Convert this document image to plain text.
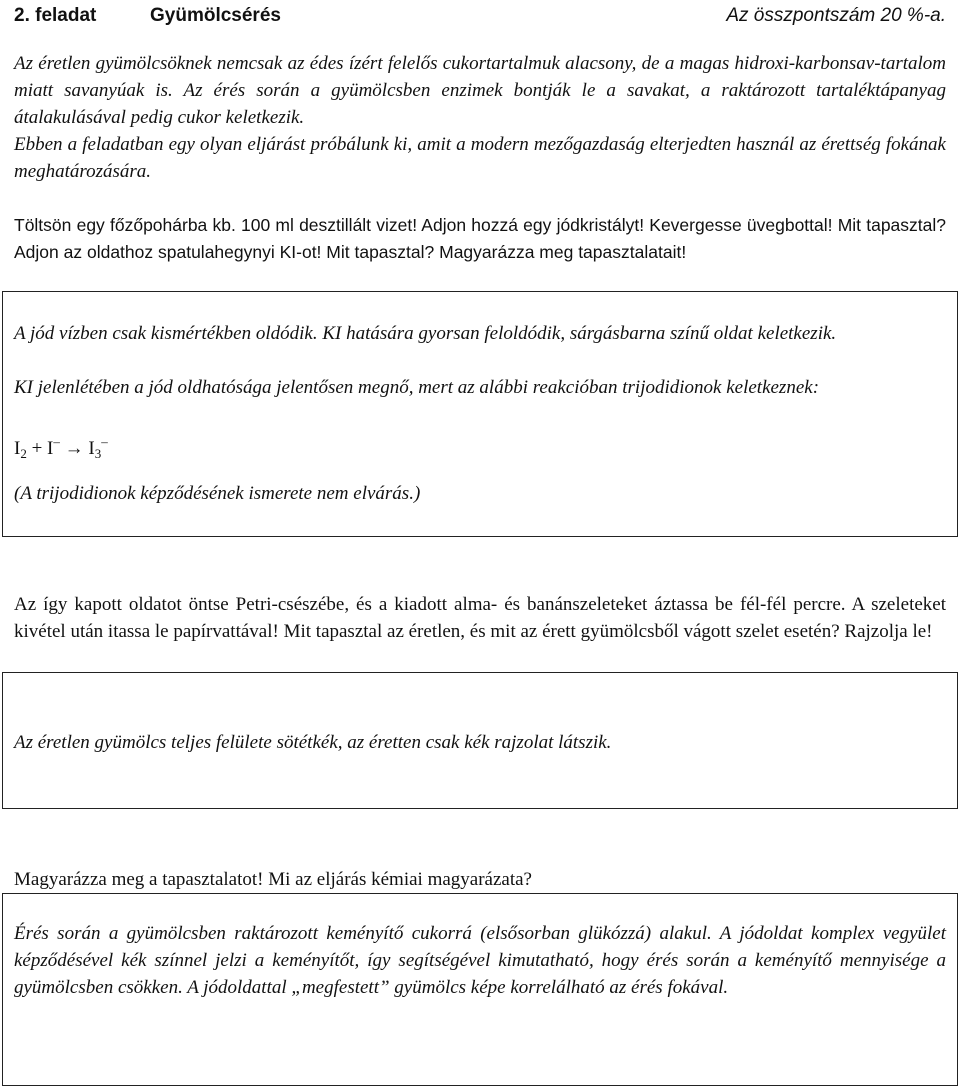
2. feladat	Gyümölcsérés	Az összpontszám 20 %-a.

Az éretlen gyümölcsöknek nemcsak az édes ízért felelős cukortartalmuk alacsony, de a magas hidroxi-karbonsav-tartalom miatt savanyúak is. Az érés során a gyümölcsben enzimek bontják le a savakat, a raktározott tartaléktápanyag átalakulásával pedig cukor keletkezik.

Ebben a feladatban egy olyan eljárást próbálunk ki, amit a modern mezőgazdaság elterjedten használ az érettség fokának meghatározására.

Töltsön egy főzőpohárba kb. 100 ml desztillált vizet! Adjon hozzá egy jódkristályt! Kevergesse üvegbottal! Mit tapasztal? Adjon az oldathoz spatulahegynyi KI-ot! Mit tapasztal? Magyarázza meg tapasztalatait!

A jód vízben csak kismértékben oldódik. KI hatására gyorsan feloldódik, sárgásbarna színű oldat keletkezik.

KI jelenlétében a jód oldhatósága jelentősen megnő, mert az alábbi reakcióban trijodidionok keletkeznek:

$I_2 + I^- \to I_3^-$

(A trijodidionok képződésének ismerete nem elvárás.)

Az így kapott oldatot öntse Petri-csészébe, és a kiadott alma- és banánszeleteket áztassa be fél-fél percre. A szeleteket kivétel után itassa le papírvattával! Mit tapasztal az éretlen, és mit az érett gyümölcsből vágott szelet esetén? Rajzolja le!

Az éretlen gyümölcs teljes felülete sötétkék, az éretten csak kék rajzolat látszik.

Magyarázza meg a tapasztalatot! Mi az eljárás kémiai magyarázata?

Érés során a gyümölcsben raktározott keményítő cukorrá (elsősorban glükózzá) alakul. A jódoldat komplex vegyület képződésével kék színnel jelzi a keményítőt, így segítségével kimutatható, hogy érés során a keményítő mennyisége a gyümölcsben csökken. A jódoldattal „megfestett” gyümölcs képe korrelálható az érés fokával.
